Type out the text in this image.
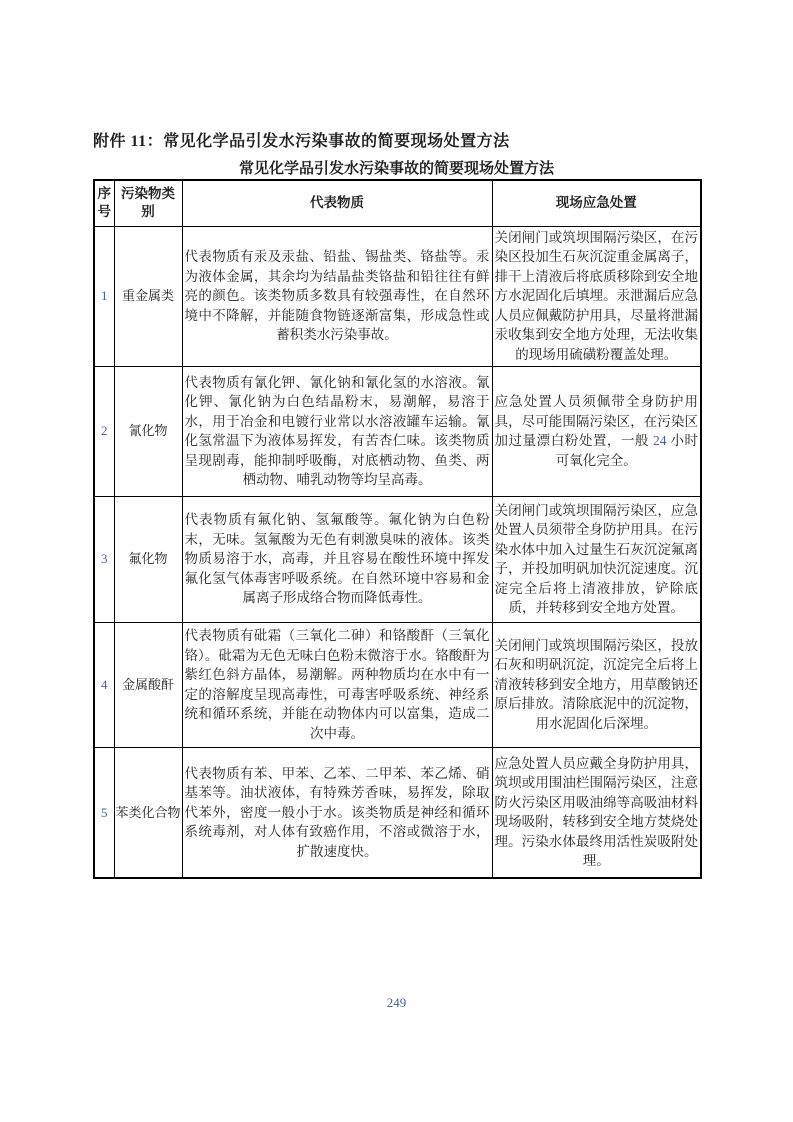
附件 11：常见化学品引发水污染事故的简要现场处置方法
常见化学品引发水污染事故的简要现场处置方法
序号	污染物类别	代表物质	现场应急处置
1	重金属类	代表物质有汞及汞盐、铅盐、锡盐类、铬盐等。汞为液体金属，其余均为结晶盐类铬盐和铅往往有鲜亮的颜色。该类物质多数具有较强毒性，在自然环境中不降解，并能随食物链逐渐富集，形成急性或蓄积类水污染事故。	关闭闸门或筑坝围隔污染区，在污染区投加生石灰沉淀重金属离子，排干上清液后将底质移除到安全地方水泥固化后填埋。汞泄漏后应急人员应佩戴防护用具，尽量将泄漏汞收集到安全地方处理，无法收集的现场用硫磺粉覆盖处理。
2	氰化物	代表物质有氰化钾、氰化钠和氰化氢的水溶液。氰化钾、氰化钠为白色结晶粉末，易潮解，易溶于水，用于冶金和电镀行业常以水溶液罐车运输。氰化氢常温下为液体易挥发，有苦杏仁味。该类物质呈现剧毒，能抑制呼吸酶，对底栖动物、鱼类、两栖动物、哺乳动物等均呈高毒。	应急处置人员须佩带全身防护用具，尽可能围隔污染区，在污染区加过量漂白粉处置，一般 24 小时可氧化完全。
3	氟化物	代表物质有氟化钠、氢氟酸等。氟化钠为白色粉末，无味。氢氟酸为无色有刺激臭味的液体。该类物质易溶于水，高毒，并且容易在酸性环境中挥发氟化氢气体毒害呼吸系统。在自然环境中容易和金属离子形成络合物而降低毒性。	关闭闸门或筑坝围隔污染区，应急处置人员须带全身防护用具。在污染水体中加入过量生石灰沉淀氟离子，并投加明矾加快沉淀速度。沉淀完全后将上清液排放，铲除底质，并转移到安全地方处置。
4	金属酸酐	代表物质有砒霜（三氧化二砷）和铬酸酐（三氧化铬）。砒霜为无色无味白色粉末微溶于水。铬酸酐为紫红色斜方晶体，易潮解。两种物质均在水中有一定的溶解度呈现高毒性，可毒害呼吸系统、神经系统和循环系统，并能在动物体内可以富集，造成二次中毒。	关闭闸门或筑坝围隔污染区，投放石灰和明矾沉淀，沉淀完全后将上清液转移到安全地方，用草酸钠还原后排放。清除底泥中的沉淀物，用水泥固化后深埋。
5	苯类化合物	代表物质有苯、甲苯、乙苯、二甲苯、苯乙烯、硝基苯等。油状液体，有特殊芳香味，易挥发，除取代苯外，密度一般小于水。该类物质是神经和循环系统毒剂，对人体有致癌作用，不溶或微溶于水，扩散速度快。	应急处置人员应戴全身防护用具，筑坝或用围油栏围隔污染区，注意防火污染区用吸油绵等高吸油材料现场吸附，转移到安全地方焚烧处理。污染水体最终用活性炭吸附处理。
249
